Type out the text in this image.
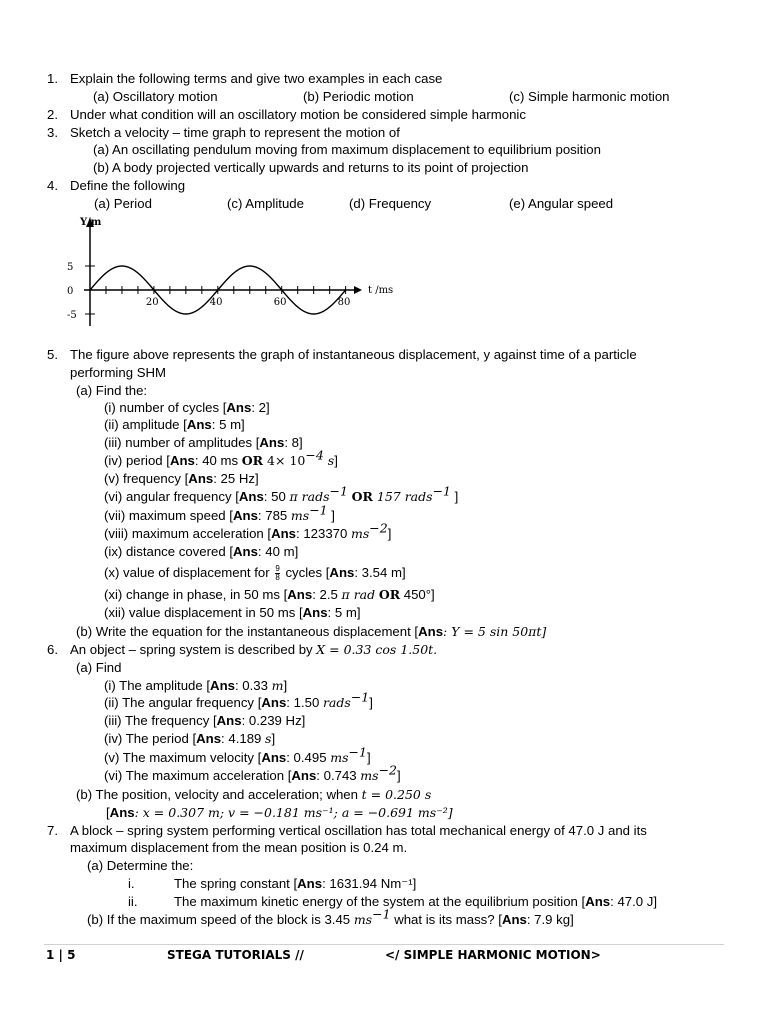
1. Explain the following terms and give two examples in each case
(a) Oscillatory motion	(b) Periodic motion	(c) Simple harmonic motion
2. Under what condition will an oscillatory motion be considered simple harmonic
3. Sketch a velocity – time graph to represent the motion of
(a) An oscillating pendulum moving from maximum displacement to equilibrium position
(b) A body projected vertically upwards and returns to its point of projection
4. Define the following
(a) Period	(c) Amplitude	(d) Frequency	(e) Angular speed
Y/m
t /ms
5
0
-5
20	40	60	80
5. The figure above represents the graph of instantaneous displacement, y against time of a particle
performing SHM
(a) Find the:
(i) number of cycles [Ans: 2]
(ii) amplitude [Ans: 5 m]
(iii) number of amplitudes [Ans: 8]
(iv) period [Ans: 40 ms OR $4\times 10^{-4}$ s]
(v) frequency [Ans: 25 Hz]
(vi) angular frequency [Ans: 50 π rads$^{-1}$ OR 157 rads$^{-1}$ ]
(vii) maximum speed [Ans: 785 $ms^{-1}$ ]
(viii) maximum acceleration [Ans: 123370 $ms^{-2}$]
(ix) distance covered [Ans: 40 m]
(x) value of displacement for $\frac{9}{8}$ cycles [Ans: 3.54 m]
(xi) change in phase, in 50 ms [Ans: 2.5 π rad OR 450°]
(xii) value displacement in 50 ms [Ans: 5 m]
(b) Write the equation for the instantaneous displacement [Ans: Y = 5 sin 50πt]
6. An object – spring system is described by X = 0.33 cos 1.50t.
(a) Find
(i) The amplitude [Ans: 0.33 m]
(ii) The angular frequency [Ans: 1.50 rads$^{-1}$]
(iii) The frequency [Ans: 0.239 Hz]
(iv) The period [Ans: 4.189 s]
(v) The maximum velocity [Ans: 0.495 $ms^{-1}$]
(vi) The maximum acceleration [Ans: 0.743 $ms^{-2}$]
(b) The position, velocity and acceleration; when t = 0.250 s
[Ans: x = 0.307 m; v = −0.181 ms⁻¹; a = −0.691 ms⁻²]
7. A block – spring system performing vertical oscillation has total mechanical energy of 47.0 J and its
maximum displacement from the mean position is 0.24 m.
(a) Determine the:
i.	The spring constant [Ans: 1631.94 Nm⁻¹]
ii.	The maximum kinetic energy of the system at the equilibrium position [Ans: 47.0 J]
(b) If the maximum speed of the block is 3.45 $ms^{-1}$ what is its mass? [Ans: 7.9 kg]
1 | 5	STEGA TUTORIALS //	</ SIMPLE HARMONIC MOTION>
